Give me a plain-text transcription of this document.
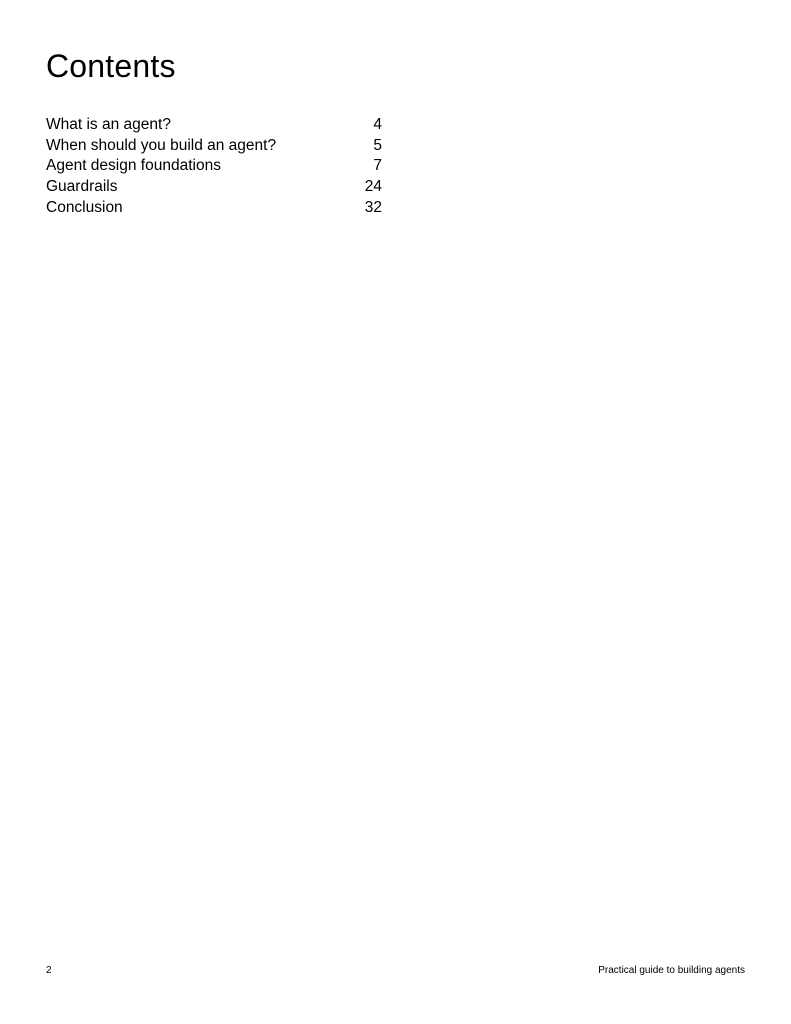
Contents
What is an agent?	4
When should you build an agent?	5
Agent design foundations	7
Guardrails	24
Conclusion	32
2	Practical guide to building agents
